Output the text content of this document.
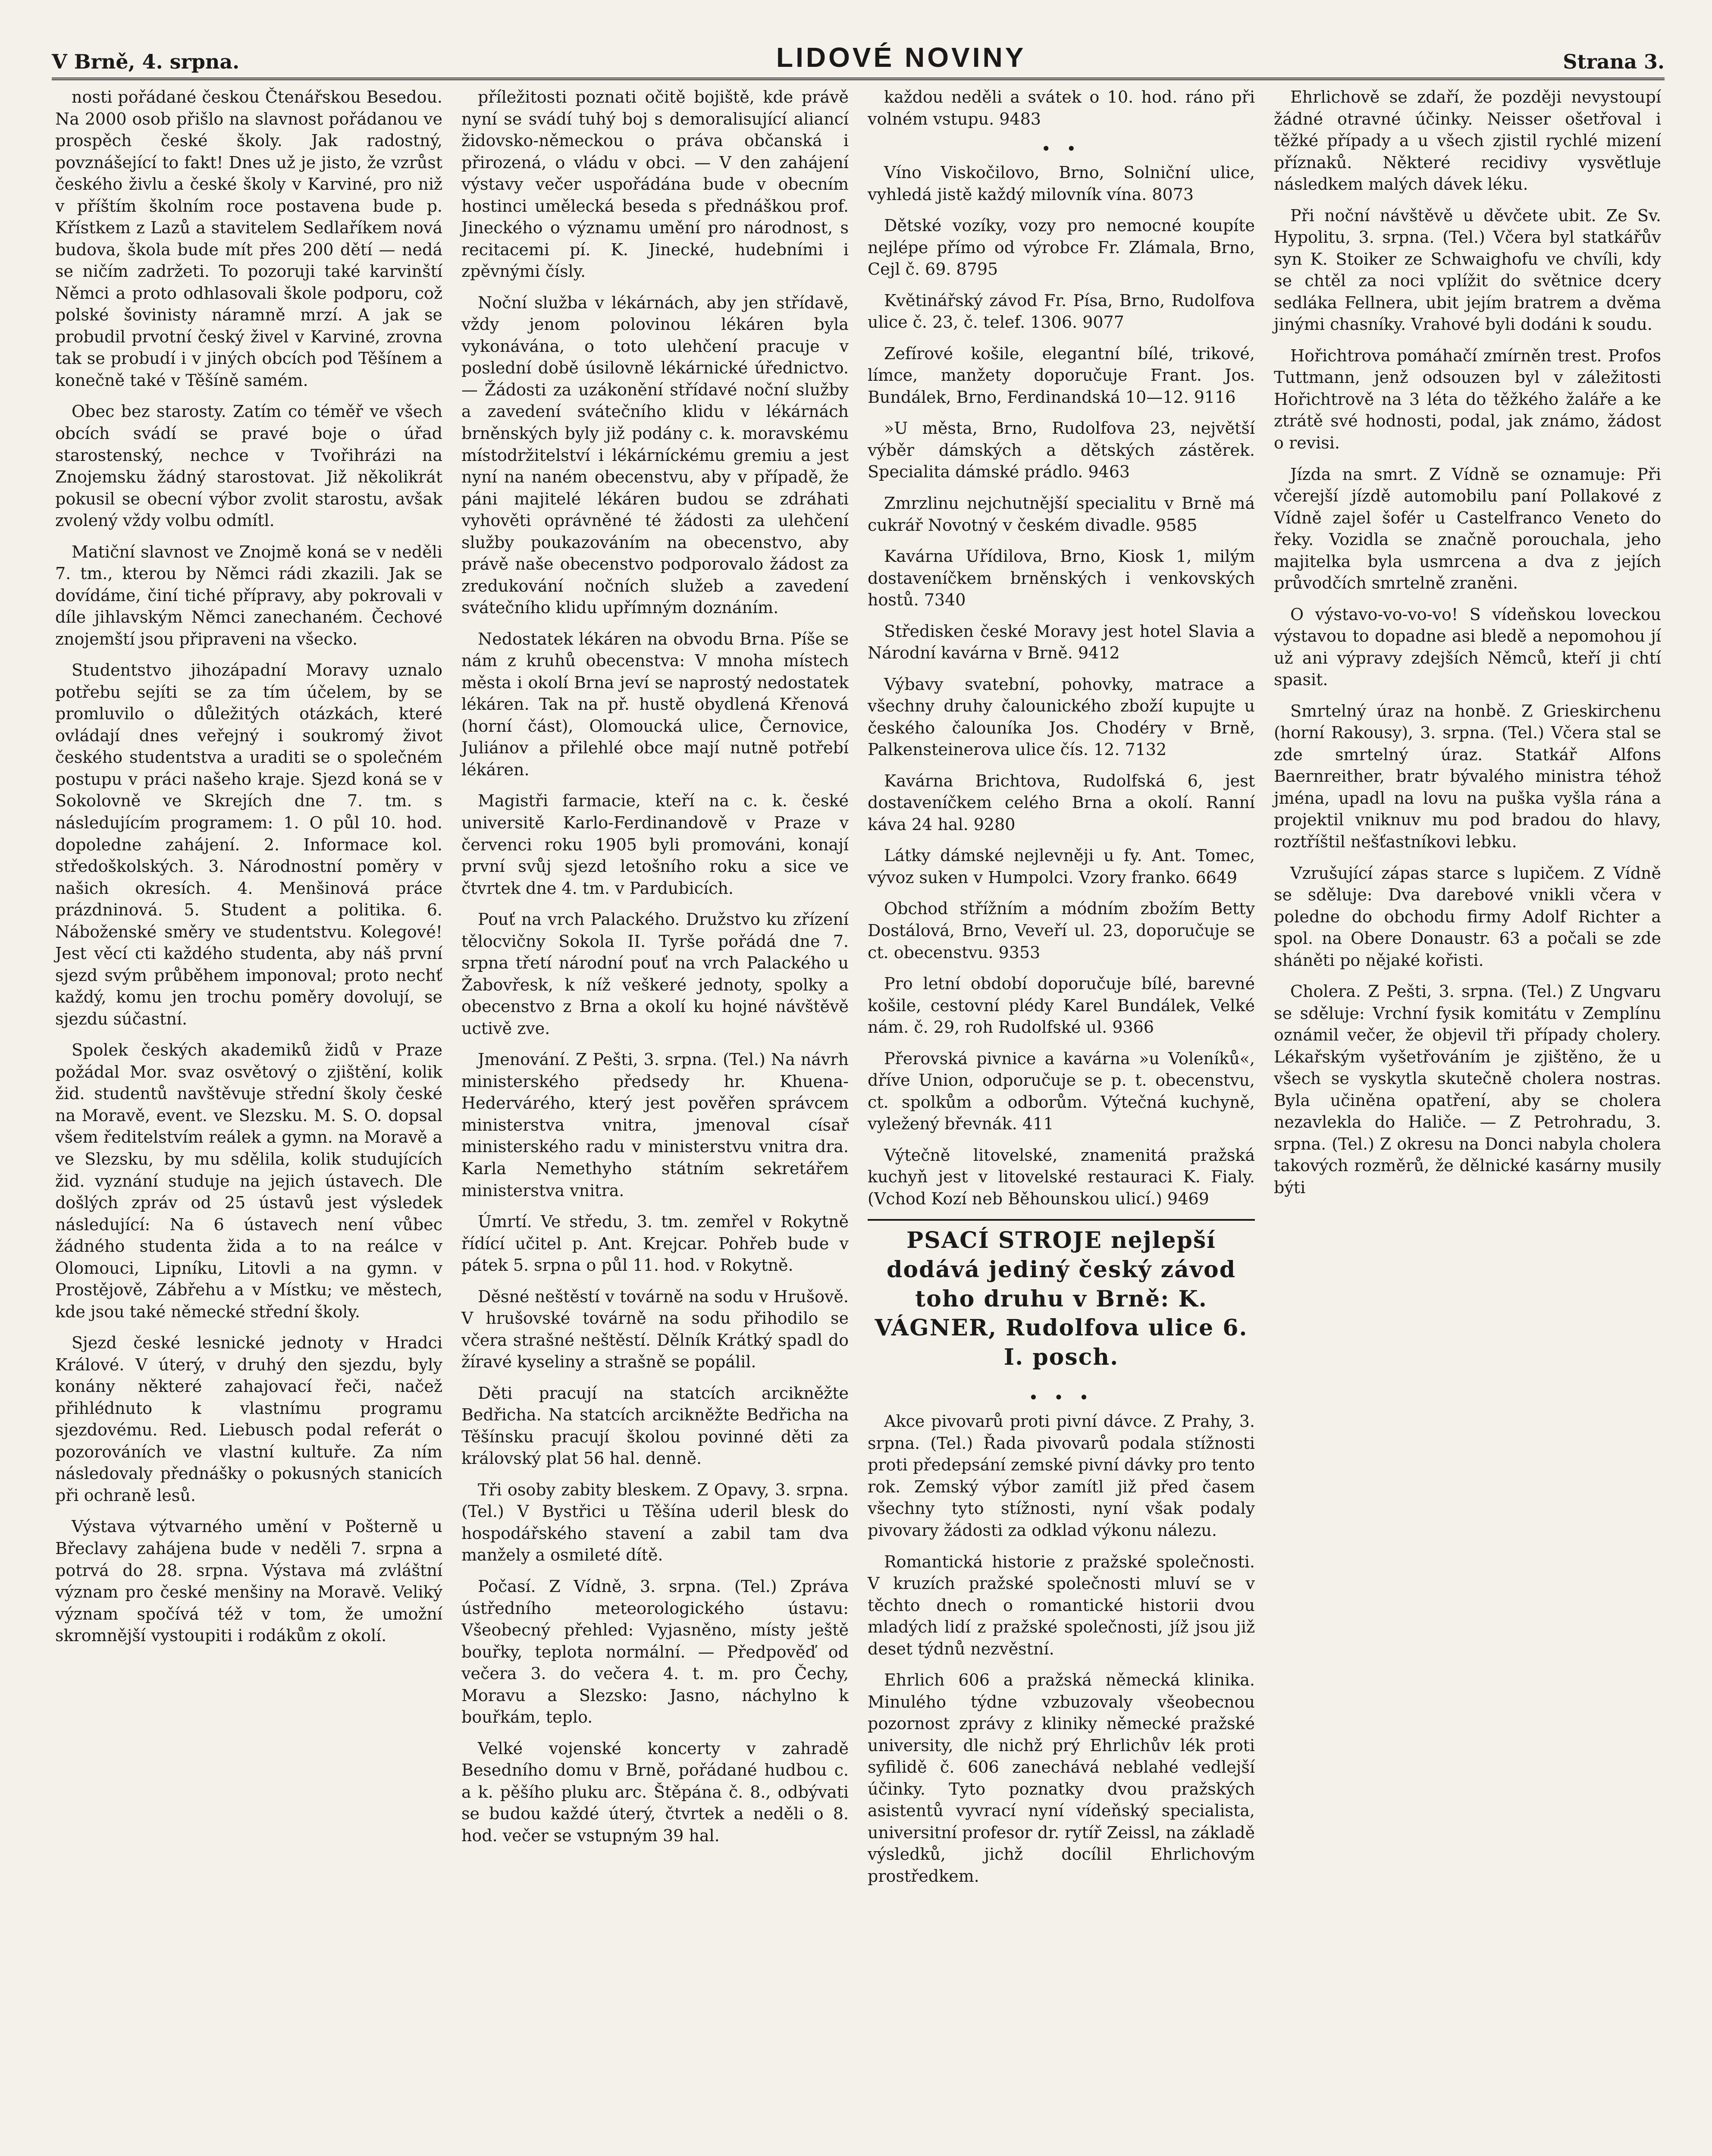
V Brně, 4. srpna.	LIDOVÉ NOVINY	Strana 3.

nosti pořádané českou Čtenářskou Besedou. Na 2000 osob přišlo na slavnost pořádanou ve prospěch české školy. Jak radostný, povznášející to fakt! Dnes už je jisto, že vzrůst českého živlu a české školy v Karviné, pro niž v příštím školním roce postavena bude p. Křístkem z Lazů a stavitelem Sedlaříkem nová budova, škola bude mít přes 200 dětí — nedá se ničím zadržeti. To pozoruji také karvinští Němci a proto odhlasovali škole podporu, což polské šovinisty náramně mrzí. A jak se probudil prvotní český živel v Karviné, zrovna tak se probudí i v jiných obcích pod Těšínem a konečně také v Těšíně samém.

Obec bez starosty. Zatím co téměř ve všech obcích svádí se pravé boje o úřad starostenský, nechce v Tvořihrázi na Znojemsku žádný starostovat. Již několikrát pokusil se obecní výbor zvolit starostu, avšak zvolený vždy volbu odmítl.

Matiční slavnost ve Znojmě koná se v neděli 7. tm., kterou by Němci rádi zkazili. Jak se dovídáme, činí tiché přípravy, aby pokrovali v díle jihlavským Němci zanechaném. Čechové znojemští jsou připraveni na všecko.

Studentstvo jihozápadní Moravy uznalo potřebu sejíti se za tím účelem, by se promluvilo o důležitých otázkách, které ovládají dnes veřejný i soukromý život českého studentstva a uraditi se o společném postupu v práci našeho kraje. Sjezd koná se v Sokolovně ve Skrejích dne 7. tm. s následujícím programem: 1. O půl 10. hod. dopoledne zahájení. 2. Informace kol. středoškolských. 3. Národnostní poměry v našich okresích. 4. Menšinová práce prázdninová. 5. Student a politika. 6. Náboženské směry ve studentstvu. Kolegové! Jest věcí cti každého studenta, aby náš první sjezd svým průběhem imponoval; proto nechť každý, komu jen trochu poměry dovolují, se sjezdu súčastní.

Spolek českých akademiků židů v Praze požádal Mor. svaz osvětový o zjištění, kolik žid. studentů navštěvuje střední školy české na Moravě, event. ve Slezsku. M. S. O. dopsal všem ředitelstvím reálek a gymn. na Moravě a ve Slezsku, by mu sdělila, kolik studujících žid. vyznání studuje na jejich ústavech. Dle došlých zpráv od 25 ústavů jest výsledek následující: Na 6 ústavech není vůbec žádného studenta žida a to na reálce v Olomouci, Lipníku, Litovli a na gymn. v Prostějově, Zábřehu a v Místku; ve městech, kde jsou také německé střední školy.

Sjezd české lesnické jednoty v Hradci Králové. V úterý, v druhý den sjezdu, byly konány některé zahajovací řeči, načež přihlédnuto k vlastnímu programu sjezdovému. Red. Liebusch podal referát o pozorováních ve vlastní kultuře. Za ním následovaly přednášky o pokusných stanicích při ochraně lesů.

Výstava výtvarného umění v Pošterně u Břeclavy zahájena bude v neděli 7. srpna a potrvá do 28. srpna. Výstava má zvláštní význam pro české menšiny na Moravě. Veliký význam spočívá též v tom, že umožní skromnější vystoupiti i rodákům z okolí.

příležitosti poznati očitě bojiště, kde právě nyní se svádí tuhý boj s demoralisující aliancí židovsko-německou o práva občanská i přirozená, o vládu v obci. — V den zahájení výstavy večer uspořádána bude v obecním hostinci umělecká beseda s přednáškou prof. Jineckého o významu umění pro národnost, s recitacemi pí. K. Jinecké, hudebními i zpěvnými čísly.

Noční služba v lékárnách, aby jen střídavě, vždy jenom polovinou lékáren byla vykonávána, o toto ulehčení pracuje v poslední době úsilovně lékárnické úřednictvo. — Žádosti za uzákonění střídavé noční služby a zavedení svátečního klidu v lékárnách brněnských byly již podány c. k. moravskému místodržitelství i lékárníckému gremiu a jest nyní na naném obecenstvu, aby v případě, že páni majitelé lékáren budou se zdráhati vyhověti oprávněné té žádosti za ulehčení služby poukazováním na obecenstvo, aby právě naše obecenstvo podporovalo žádost za zredukování nočních služeb a zavedení svátečního klidu upřímným doznáním.

Nedostatek lékáren na obvodu Brna. Píše se nám z kruhů obecenstva: V mnoha místech města i okolí Brna jeví se naprostý nedostatek lékáren. Tak na př. hustě obydlená Křenová (horní část), Olomoucká ulice, Černovice, Juliánov a přilehlé obce mají nutně potřebí lékáren.

Magistři farmacie, kteří na c. k. české universitě Karlo-Ferdinandově v Praze v červenci roku 1905 byli promováni, konají první svůj sjezd letošního roku a sice ve čtvrtek dne 4. tm. v Pardubicích.

Pouť na vrch Palackého. Družstvo ku zřízení tělocvičny Sokola II. Tyrše pořádá dne 7. srpna třetí národní pouť na vrch Palackého u Žabovřesk, k níž veškeré jednoty, spolky a obecenstvo z Brna a okolí ku hojné návštěvě uctivě zve.

Jmenování. Z Pešti, 3. srpna. (Tel.) Na návrh ministerského předsedy hr. Khuena-Hedervárého, který jest pověřen správcem ministerstva vnitra, jmenoval císař ministerského radu v ministerstvu vnitra dra. Karla Nemethyho státním sekretářem ministerstva vnitra.

Úmrtí. Ve středu, 3. tm. zemřel v Rokytně řídící učitel p. Ant. Krejcar. Pohřeb bude v pátek 5. srpna o půl 11. hod. v Rokytně.

Děsné neštěstí v továrně na sodu v Hrušově. V hrušovské továrně na sodu přihodilo se včera strašné neštěstí. Dělník Krátký spadl do žíravé kyseliny a strašně se popálil.

Děti pracují na statcích arcikněžte Bedřicha. Na statcích arcikněžte Bedřicha na Těšínsku pracují školou povinné děti za královský plat 56 hal. denně.

Tři osoby zabity bleskem. Z Opavy, 3. srpna. (Tel.) V Bystřici u Těšína uderil blesk do hospodářského stavení a zabil tam dva manžely a osmileté dítě.

Počasí. Z Vídně, 3. srpna. (Tel.) Zpráva ústředního meteorologického ústavu: Všeobecný přehled: Vyjasněno, místy ještě bouřky, teplota normální. — Předpověď od večera 3. do večera 4. t. m. pro Čechy, Moravu a Slezsko: Jasno, náchylno k bouřkám, teplo.

Velké vojenské koncerty v zahradě Besedního domu v Brně, pořádané hudbou c. a k. pěšího pluku arc. Štěpána č. 8., odbývati se budou každé úterý, čtvrtek a neděli o 8. hod. večer se vstupným 39 hal.

každou neděli a svátek o 10. hod. ráno při volném vstupu. 9483

• •

Víno Viskočilovo, Brno, Solniční ulice, vyhledá jistě každý milovník vína. 8073

Dětské vozíky, vozy pro nemocné koupíte nejlépe přímo od výrobce Fr. Zlámala, Brno, Cejl č. 69. 8795

Květinářský závod Fr. Písa, Brno, Rudolfova ulice č. 23, č. telef. 1306. 9077

Zefírové košile, elegantní bílé, trikové, límce, manžety doporučuje Frant. Jos. Bundálek, Brno, Ferdinandská 10—12. 9116

»U města, Brno, Rudolfova 23, největší výběr dámských a dětských zástěrek. Specialita dámské prádlo. 9463

Zmrzlinu nejchutnější specialitu v Brně má cukrář Novotný v českém divadle. 9585

Kavárna Uřídilova, Brno, Kiosk 1, milým dostaveníčkem brněnských i venkovských hostů. 7340

Středisken české Moravy jest hotel Slavia a Národní kavárna v Brně. 9412

Výbavy svatební, pohovky, matrace a všechny druhy čalounického zboží kupujte u českého čalouníka Jos. Chodéry v Brně, Palkensteinerova ulice čís. 12. 7132

Kavárna Brichtova, Rudolfská 6, jest dostaveníčkem celého Brna a okolí. Ranní káva 24 hal. 9280

Látky dámské nejlevněji u fy. Ant. Tomec, vývoz suken v Humpolci. Vzory franko. 6649

Obchod střížním a módním zbožím Betty Dostálová, Brno, Veveří ul. 23, doporučuje se ct. obecenstvu. 9353

Pro letní období doporučuje bílé, barevné košile, cestovní plédy Karel Bundálek, Velké nám. č. 29, roh Rudolfské ul. 9366

Přerovská pivnice a kavárna »u Voleníků«, dříve Union, odporučuje se p. t. obecenstvu, ct. spolkům a odborům. Výtečná kuchyně, vyležený břevnák. 411

Výtečně litovelské, znamenitá pražská kuchyň jest v litovelské restauraci K. Fialy. (Vchod Kozí neb Běhounskou ulicí.) 9469

PSACÍ STROJE nejlepší dodává jediný český závod toho druhu v Brně: K. VÁGNER, Rudolfova ulice 6. I. posch.

• • •

Akce pivovarů proti pivní dávce. Z Prahy, 3. srpna. (Tel.) Řada pivovarů podala stížnosti proti předepsání zemské pivní dávky pro tento rok. Zemský výbor zamítl již před časem všechny tyto stížnosti, nyní však podaly pivovary žádosti za odklad výkonu nálezu.

Romantická historie z pražské společnosti. V kruzích pražské společnosti mluví se v těchto dnech o romantické historii dvou mladých lidí z pražské společnosti, jíž jsou již deset týdnů nezvěstní.

Ehrlich 606 a pražská německá klinika. Minulého týdne vzbuzovaly všeobecnou pozornost zprávy z kliniky německé pražské university, dle nichž prý Ehrlichův lék proti syfilidě č. 606 zanechává neblahé vedlejší účinky. Tyto poznatky dvou pražských asistentů vyvrací nyní vídeňský specialista, universitní profesor dr. rytíř Zeissl, na základě výsledků, jichž docílil Ehrlichovým prostředkem.

Ehrlichově se zdaří, že později nevystoupí žádné otravné účinky. Neisser ošetřoval i těžké případy a u všech zjistil rychlé mizení příznaků. Některé recidivy vysvětluje následkem malých dávek léku.

Při noční návštěvě u děvčete ubit. Ze Sv. Hypolitu, 3. srpna. (Tel.) Včera byl statkářův syn K. Stoiker ze Schwaighofu ve chvíli, kdy se chtěl za noci vplížit do světnice dcery sedláka Fellnera, ubit jejím bratrem a dvěma jinými chasníky. Vrahové byli dodáni k soudu.

Hořichtrova pomáhačí zmírněn trest. Profos Tuttmann, jenž odsouzen byl v záležitosti Hořichtrově na 3 léta do těžkého žaláře a ke ztrátě své hodnosti, podal, jak známo, žádost o revisi.

Jízda na smrt. Z Vídně se oznamuje: Při včerejší jízdě automobilu paní Pollakové z Vídně zajel šofér u Castelfranco Veneto do řeky. Vozidla se značně porouchala, jeho majitelka byla usmrcena a dva z jejích průvodčích smrtelně zraněni.

O výstavo-vo-vo-vo! S vídeňskou loveckou výstavou to dopadne asi bledě a nepomohou jí už ani výpravy zdejších Němců, kteří ji chtí spasit.

Smrtelný úraz na honbě. Z Grieskirchenu (horní Rakousy), 3. srpna. (Tel.) Včera stal se zde smrtelný úraz. Statkář Alfons Baernreither, bratr bývalého ministra téhož jména, upadl na lovu na puška vyšla rána a projektil vniknuv mu pod bradou do hlavy, roztříštil nešťastníkovi lebku.

Vzrušující zápas starce s lupičem. Z Vídně se sděluje: Dva darebové vnikli včera v poledne do obchodu firmy Adolf Richter a spol. na Obere Donaustr. 63 a počali se zde sháněti po nějaké kořisti.

Cholera. Z Pešti, 3. srpna. (Tel.) Z Ungvaru se sděluje: Vrchní fysik komitátu v Zemplínu oznámil večer, že objevil tři případy cholery. Lékařským vyšetřováním je zjištěno, že u všech se vyskytla skutečně cholera nostras. Byla učiněna opatření, aby se cholera nezavlekla do Haliče. — Z Petrohradu, 3. srpna. (Tel.) Z okresu na Donci nabyla cholera takových rozměrů, že dělnické kasárny musily býti
